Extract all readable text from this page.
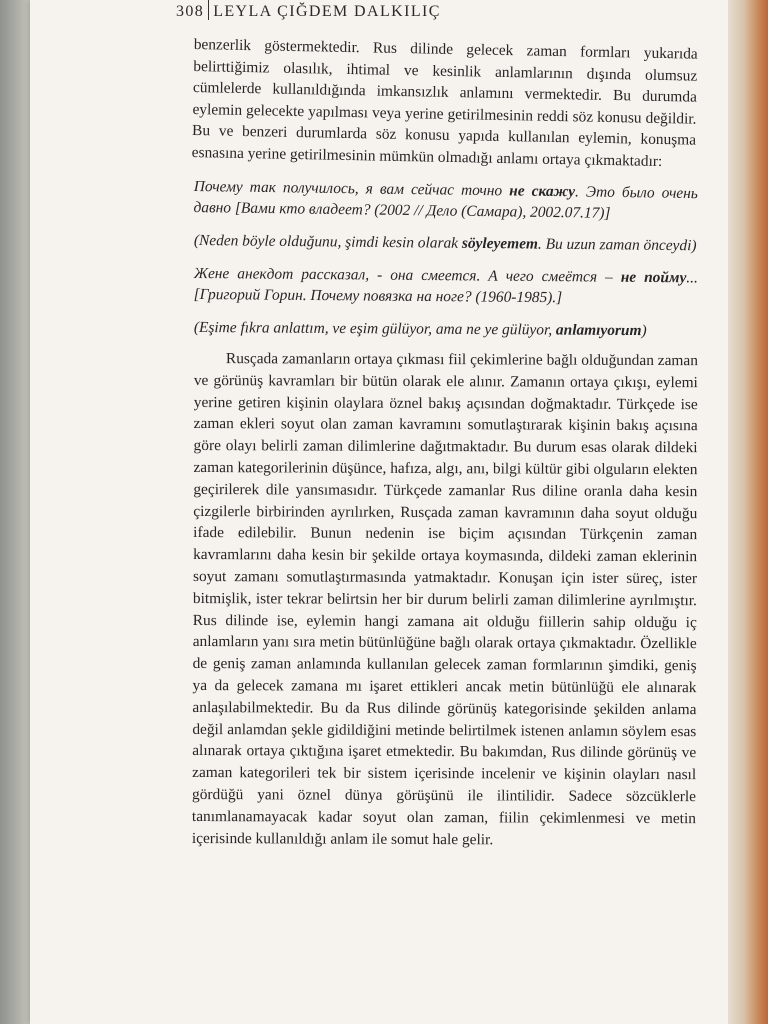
308 LEYLA ÇIĞDEM DALKILIÇ

benzerlik göstermektedir. Rus dilinde gelecek zaman formları yukarıda belirttiğimiz olasılık, ihtimal ve kesinlik anlamlarının dışında olumsuz cümlelerde kullanıldığında imkansızlık anlamını vermektedir. Bu durumda eylemin gelecekte yapılması veya yerine getirilmesinin reddi söz konusu değildir. Bu ve benzeri durumlarda söz konusu yapıda kullanılan eylemin, konuşma esnasına yerine getirilmesinin mümkün olmadığı anlamı ortaya çıkmaktadır:

Почему так получилось, я вам сейчас точно не скажу. Это было очень давно [Вами кто владеет? (2002 // Дело (Самара), 2002.07.17)]

(Neden böyle olduğunu, şimdi kesin olarak söyleyemem. Bu uzun zaman önceydi)

Жене анекдот рассказал, - она смеется. А чего смеётся – не пойму...[Григорий Горин. Почему повязка на ноге? (1960-1985).]

(Eşime fıkra anlattım, ve eşim gülüyor, ama ne ye gülüyor, anlamıyorum)

Rusçada zamanların ortaya çıkması fiil çekimlerine bağlı olduğundan zaman ve görünüş kavramları bir bütün olarak ele alınır. Zamanın ortaya çıkışı, eylemi yerine getiren kişinin olaylara öznel bakış açısından doğmaktadır. Türkçede ise zaman ekleri soyut olan zaman kavramını somutlaştırarak kişinin bakış açısına göre olayı belirli zaman dilimlerine dağıtmaktadır. Bu durum esas olarak dildeki zaman kategorilerinin düşünce, hafıza, algı, anı, bilgi kültür gibi olguların elekten geçirilerek dile yansımasıdır. Türkçede zamanlar Rus diline oranla daha kesin çizgilerle birbirinden ayrılırken, Rusçada zaman kavramının daha soyut olduğu ifade edilebilir. Bunun nedenin ise biçim açısından Türkçenin zaman kavramlarını daha kesin bir şekilde ortaya koymasında, dildeki zaman eklerinin soyut zamanı somutlaştırmasında yatmaktadır. Konuşan için ister süreç, ister bitmişlik, ister tekrar belirtsin her bir durum belirli zaman dilimlerine ayrılmıştır. Rus dilinde ise, eylemin hangi zamana ait olduğu fiillerin sahip olduğu iç anlamların yanı sıra metin bütünlüğüne bağlı olarak ortaya çıkmaktadır. Özellikle de geniş zaman anlamında kullanılan gelecek zaman formlarının şimdiki, geniş ya da gelecek zamana mı işaret ettikleri ancak metin bütünlüğü ele alınarak anlaşılabilmektedir. Bu da Rus dilinde görünüş kategorisinde şekilden anlama değil anlamdan şekle gidildiğini metinde belirtilmek istenen anlamın söylem esas alınarak ortaya çıktığına işaret etmektedir. Bu bakımdan, Rus dilinde görünüş ve zaman kategorileri tek bir sistem içerisinde incelenir ve kişinin olayları nasıl gördüğü yani öznel dünya görüşünü ile ilintilidir. Sadece sözcüklerle tanımlanamayacak kadar soyut olan zaman, fiilin çekimlenmesi ve metin içerisinde kullanıldığı anlam ile somut hale gelir.
